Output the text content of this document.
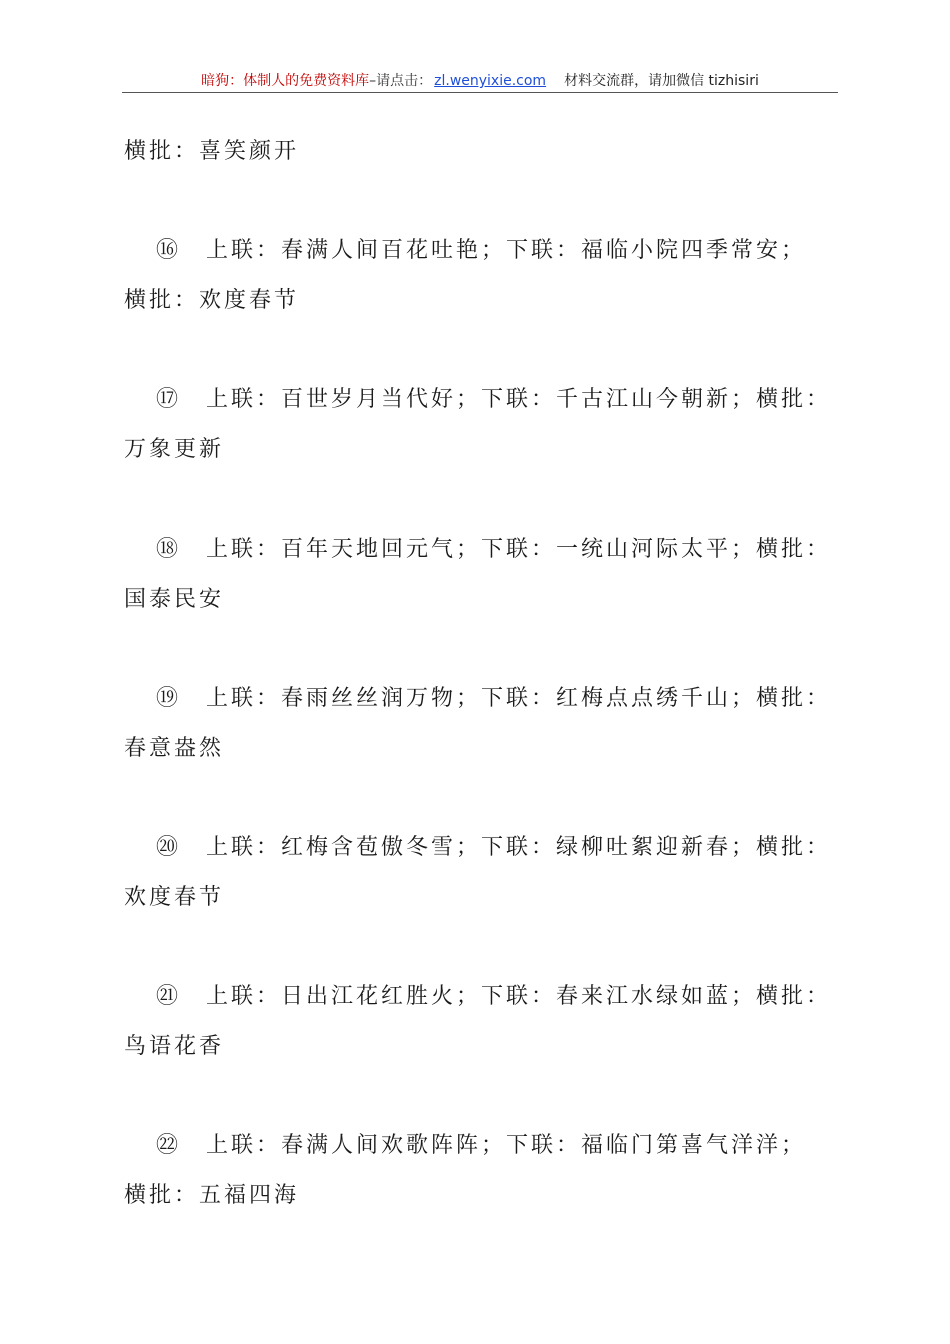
暗狗：体制人的免费资料库–请点击： zl.wenyixie.com 材料交流群，请加微信 tizhisiri
横批：喜笑颜开
⑯ 上联：春满人间百花吐艳；下联：福临小院四季常安；
横批：欢度春节
⑰ 上联：百世岁月当代好；下联：千古江山今朝新；横批：
万象更新
⑱ 上联：百年天地回元气；下联：一统山河际太平；横批：
国泰民安
⑲ 上联：春雨丝丝润万物；下联：红梅点点绣千山；横批：
春意盎然
⑳ 上联：红梅含苞傲冬雪；下联：绿柳吐絮迎新春；横批：
欢度春节
㉑ 上联：日出江花红胜火；下联：春来江水绿如蓝；横批：
鸟语花香
㉒ 上联：春满人间欢歌阵阵；下联：福临门第喜气洋洋；
横批：五福四海
